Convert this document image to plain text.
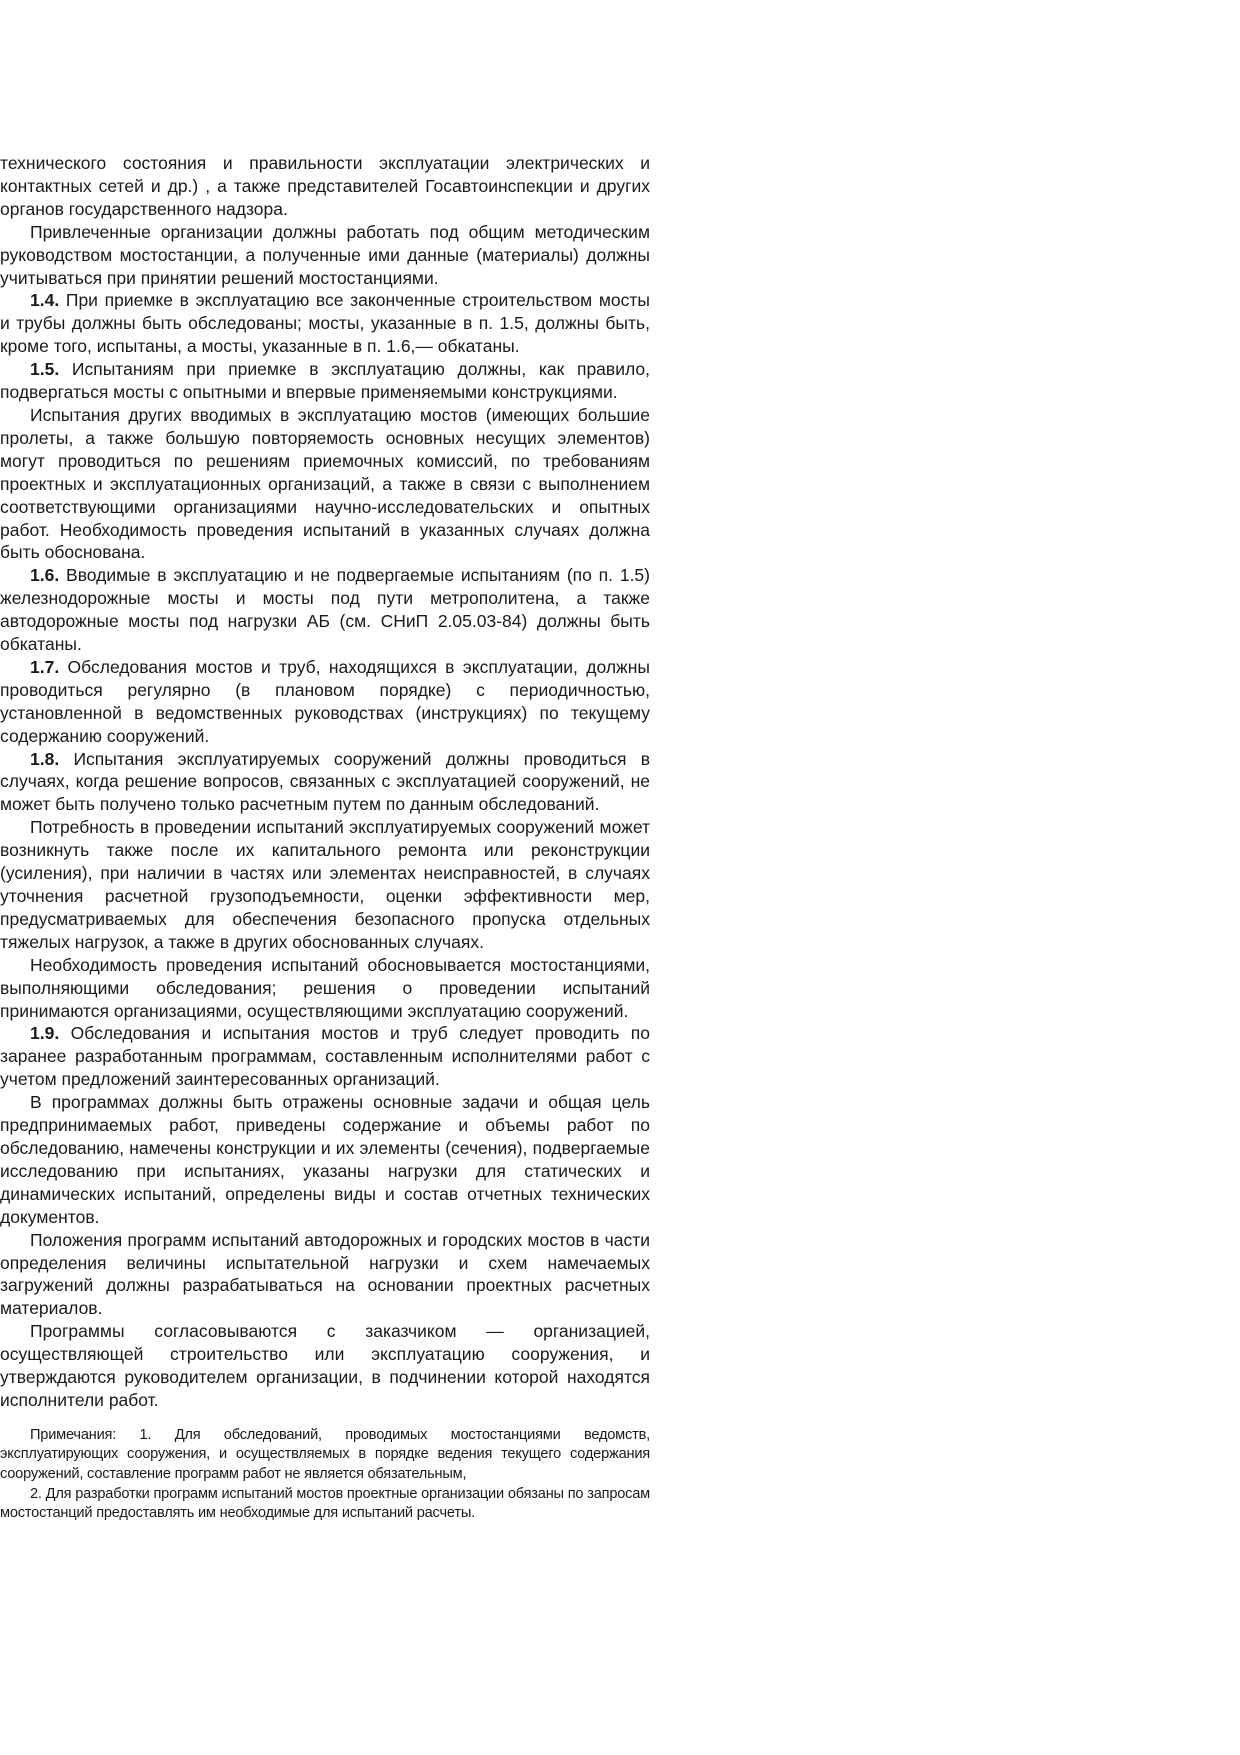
технического состояния и правильности эксплуатации электрических и контактных сетей и др.) , а также представителей Госавтоинспекции и других органов государственного надзора.

Привлеченные организации должны работать под общим методическим руководством мостостанции, а полученные ими данные (материалы) должны учитываться при принятии решений мостостанциями.

1.4. При приемке в эксплуатацию все законченные строительством мосты и трубы должны быть обследованы; мосты, указанные в п. 1.5, должны быть, кроме того, испытаны, а мосты, указанные в п. 1.6,— обкатаны.

1.5. Испытаниям при приемке в эксплуатацию должны, как правило, подвергаться мосты с опытными и впервые применяемыми конструкциями.

Испытания других вводимых в эксплуатацию мостов (имеющих большие пролеты, а также большую повторяемость основных несущих элементов) могут проводиться по решениям приемочных комиссий, по требованиям проектных и эксплуатационных организаций, а также в связи с выполнением соответствующими организациями научно-исследовательских и опытных работ. Необходимость проведения испытаний в указанных случаях должна быть обоснована.

1.6. Вводимые в эксплуатацию и не подвергаемые испытаниям (по п. 1.5) железнодорожные мосты и мосты под пути метрополитена, а также автодорожные мосты под нагрузки АБ (см. СНиП 2.05.03-84) должны быть обкатаны.

1.7. Обследования мостов и труб, находящихся в эксплуатации, должны проводиться регулярно (в плановом порядке) с периодичностью, установленной в ведомственных руководствах (инструкциях) по текущему содержанию сооружений.

1.8. Испытания эксплуатируемых сооружений должны проводиться в случаях, когда решение вопросов, связанных с эксплуатацией сооружений, не может быть получено только расчетным путем по данным обследований.

Потребность в проведении испытаний эксплуатируемых сооружений может возникнуть также после их капитального ремонта или реконструкции (усиления), при наличии в частях или элементах неисправностей, в случаях уточнения расчетной грузоподъемности, оценки эффективности мер, предусматриваемых для обеспечения безопасного пропуска отдельных тяжелых нагрузок, а также в других обоснованных случаях.

Необходимость проведения испытаний обосновывается мостостанциями, выполняющими обследования; решения о проведении испытаний принимаются организациями, осуществляющими эксплуатацию сооружений.

1.9. Обследования и испытания мостов и труб следует проводить по заранее разработанным программам, составленным исполнителями работ с учетом предложений заинтересованных организаций.

В программах должны быть отражены основные задачи и общая цель предпринимаемых работ, приведены содержание и объемы работ по обследованию, намечены конструкции и их элементы (сечения), подвергаемые исследованию при испытаниях, указаны нагрузки для статических и динамических испытаний, определены виды и состав отчетных технических документов.

Положения программ испытаний автодорожных и городских мостов в части определения величины испытательной нагрузки и схем намечаемых загружений должны разрабатываться на основании проектных расчетных материалов.

Программы согласовываются с заказчиком — организацией, осуществляющей строительство или эксплуатацию сооружения, и утверждаются руководителем организации, в подчинении которой находятся исполнители работ.

Примечания: 1. Для обследований, проводимых мостостанциями ведомств, эксплуатирующих сооружения, и осуществляемых в порядке ведения текущего содержания сооружений, составление программ работ не является обязательным,

2. Для разработки программ испытаний мостов проектные организации обязаны по запросам мостостанций предоставлять им необходимые для испытаний расчеты.
